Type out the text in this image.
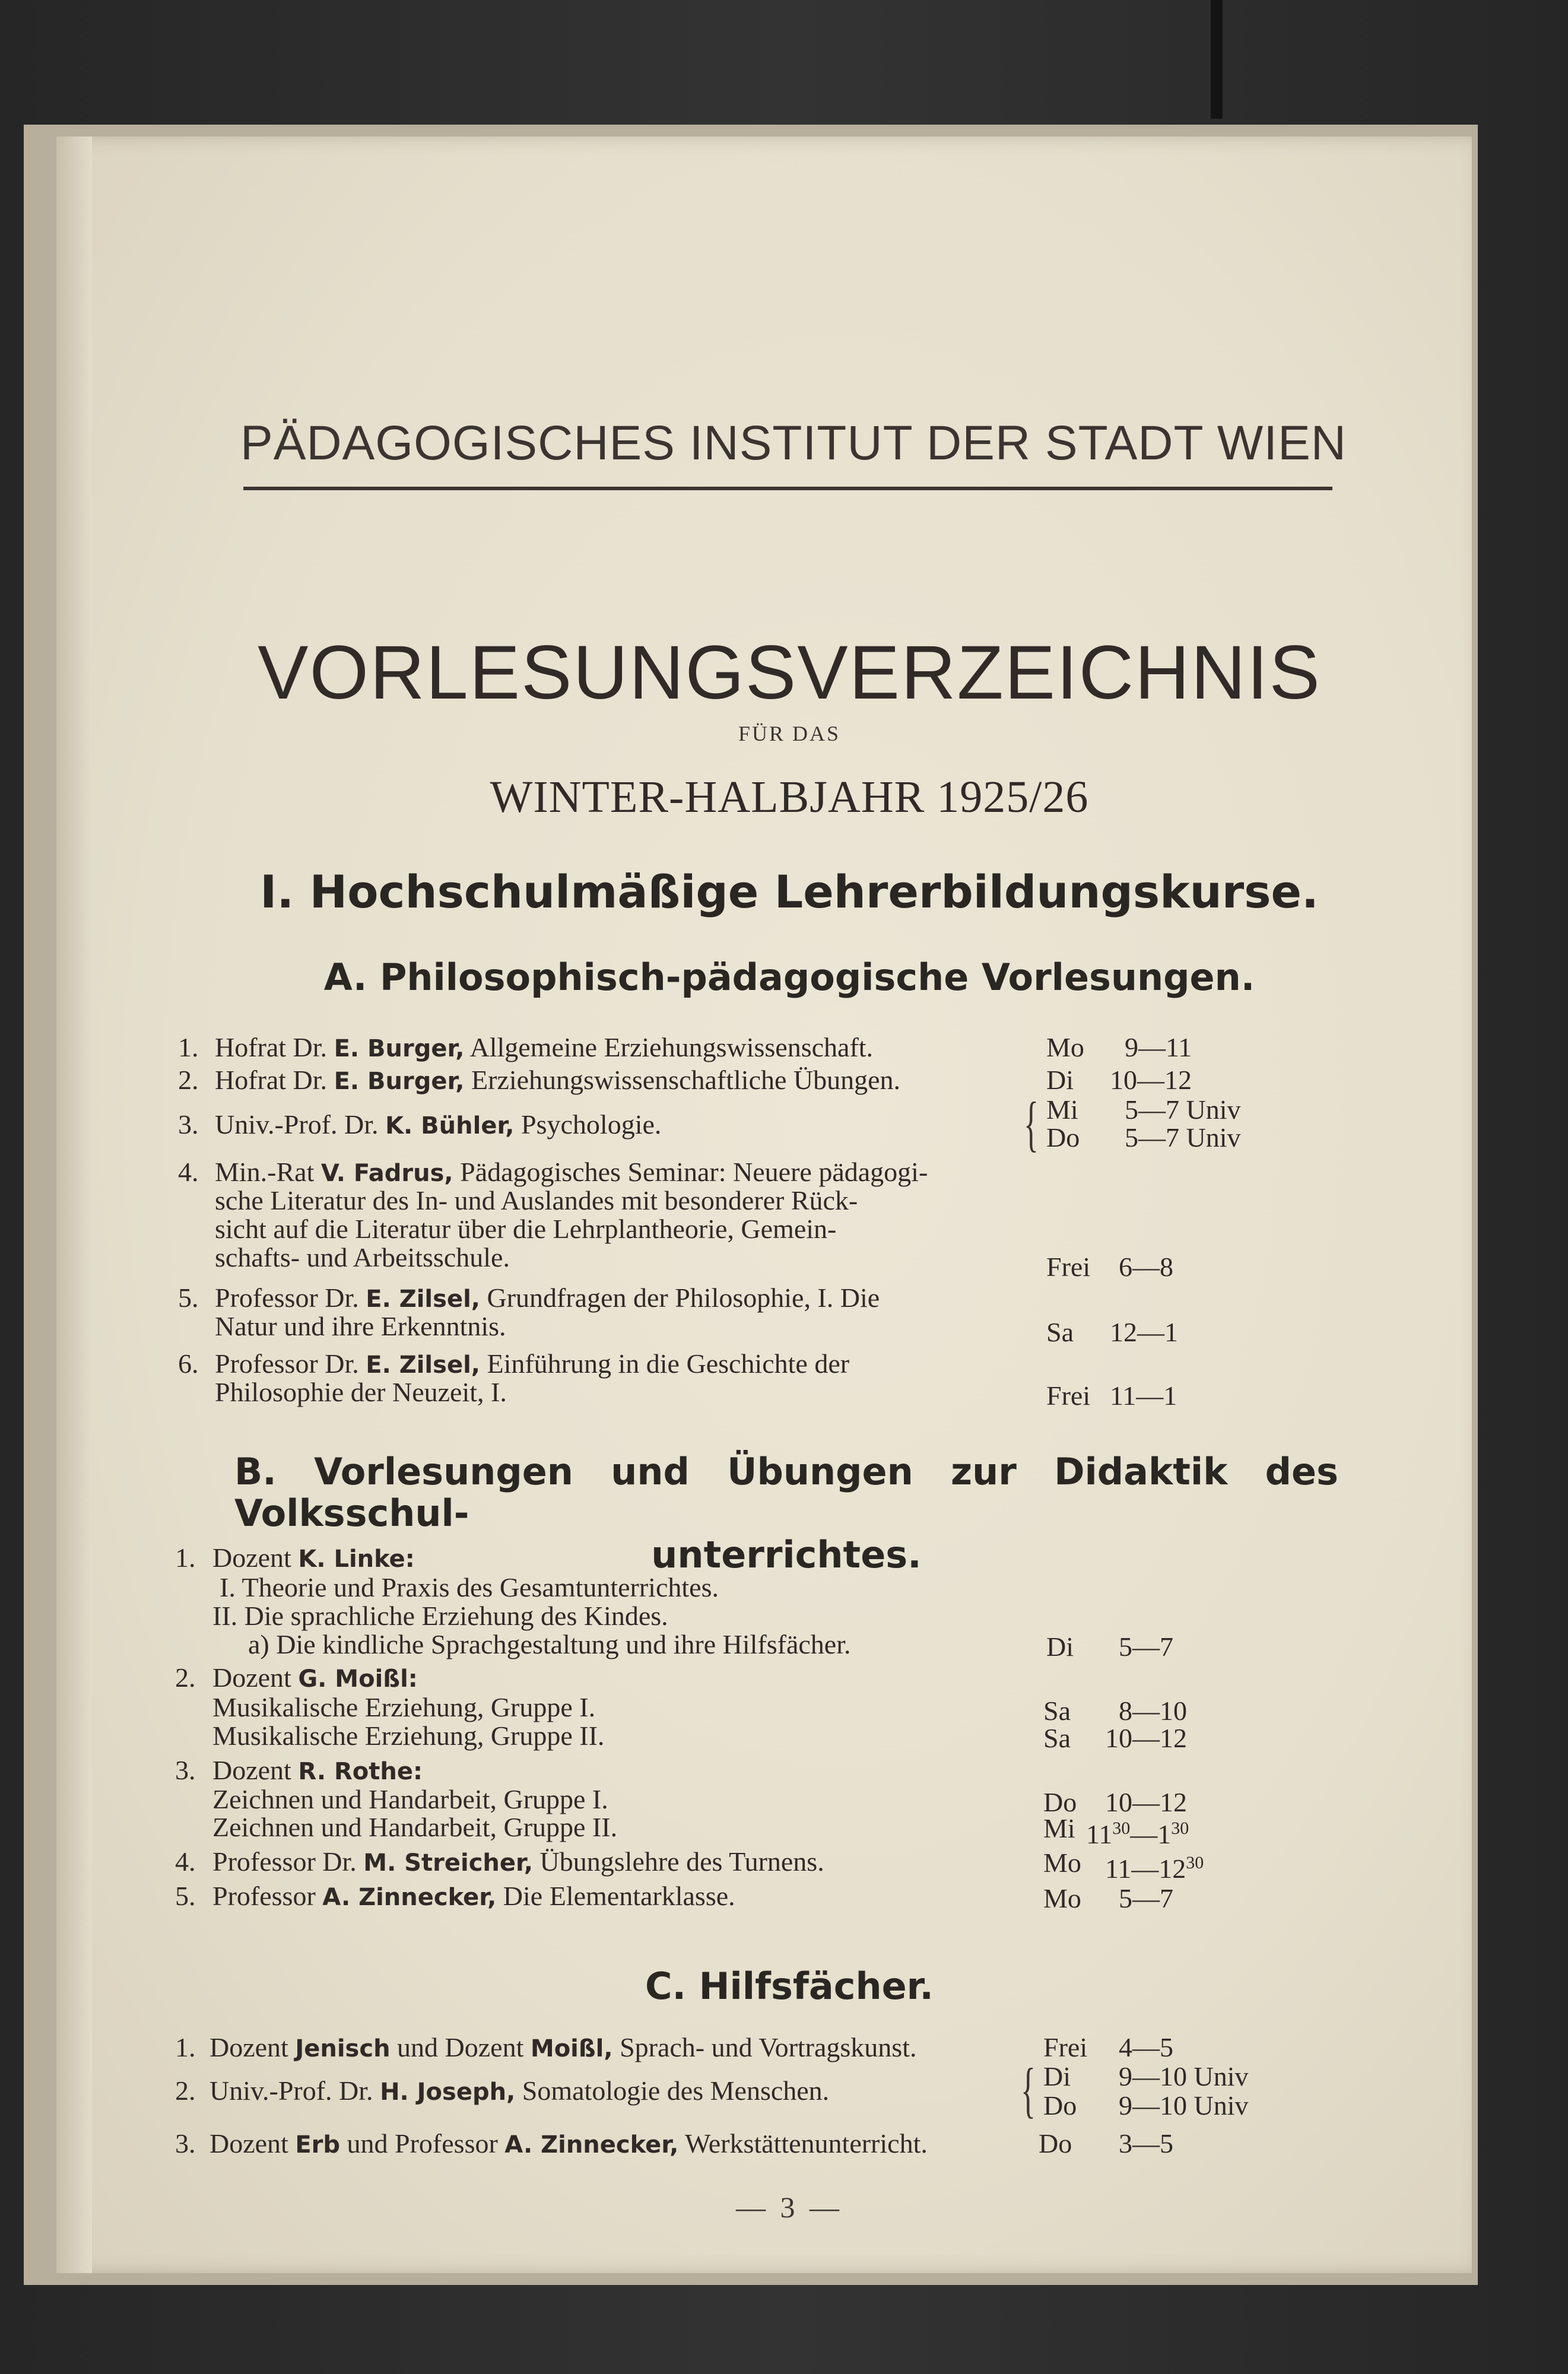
PÄDAGOGISCHES INSTITUT DER STADT WIEN
VORLESUNGSVERZEICHNIS
FÜR DAS
WINTER-HALBJAHR 1925/26
I. Hochschulmäßige Lehrerbildungskurse.
A. Philosophisch-pädagogische Vorlesungen.
1. Hofrat Dr. E. Burger, Allgemeine Erziehungswissenschaft.	Mo 9—11
2. Hofrat Dr. E. Burger, Erziehungswissenschaftliche Übungen.	Di 10—12
3. Univ.-Prof. Dr. K. Bühler, Psychologie.	{ Mi 5—7 Univ
Do 5—7 Univ
4. Min.-Rat V. Fadrus, Pädagogisches Seminar: Neuere pädagogi-
sche Literatur des In- und Auslandes mit besonderer Rück-
sicht auf die Literatur über die Lehrplantheorie, Gemein-
schafts- und Arbeitsschule.	Frei 6—8
5. Professor Dr. E. Zilsel, Grundfragen der Philosophie, I. Die
Natur und ihre Erkenntnis.	Sa 12—1
6. Professor Dr. E. Zilsel, Einführung in die Geschichte der
Philosophie der Neuzeit, I.	Frei 11—1
B. Vorlesungen und Übungen zur Didaktik des Volksschul-
unterrichtes.
1. Dozent K. Linke:
I. Theorie und Praxis des Gesamtunterrichtes.
II. Die sprachliche Erziehung des Kindes.
a) Die kindliche Sprachgestaltung und ihre Hilfsfächer.	Di 5—7
2. Dozent G. Moißl:
Musikalische Erziehung, Gruppe I.	Sa 8—10
Musikalische Erziehung, Gruppe II.	Sa 10—12
3. Dozent R. Rothe:
Zeichnen und Handarbeit, Gruppe I.	Do 10—12
Zeichnen und Handarbeit, Gruppe II.	Mi $11^{30}—1^{30}$
4. Professor Dr. M. Streicher, Übungslehre des Turnens.	Mo $11—12^{30}$
5. Professor A. Zinnecker, Die Elementarklasse.	Mo 5—7
C. Hilfsfächer.
1. Dozent Jenisch und Dozent Moißl, Sprach- und Vortragskunst.	Frei 4—5
2. Univ.-Prof. Dr. H. Joseph, Somatologie des Menschen.	{ Di 9—10 Univ
Do 9—10 Univ
3. Dozent Erb und Professor A. Zinnecker, Werkstättenunterricht.	Do 3—5
— 3 —
